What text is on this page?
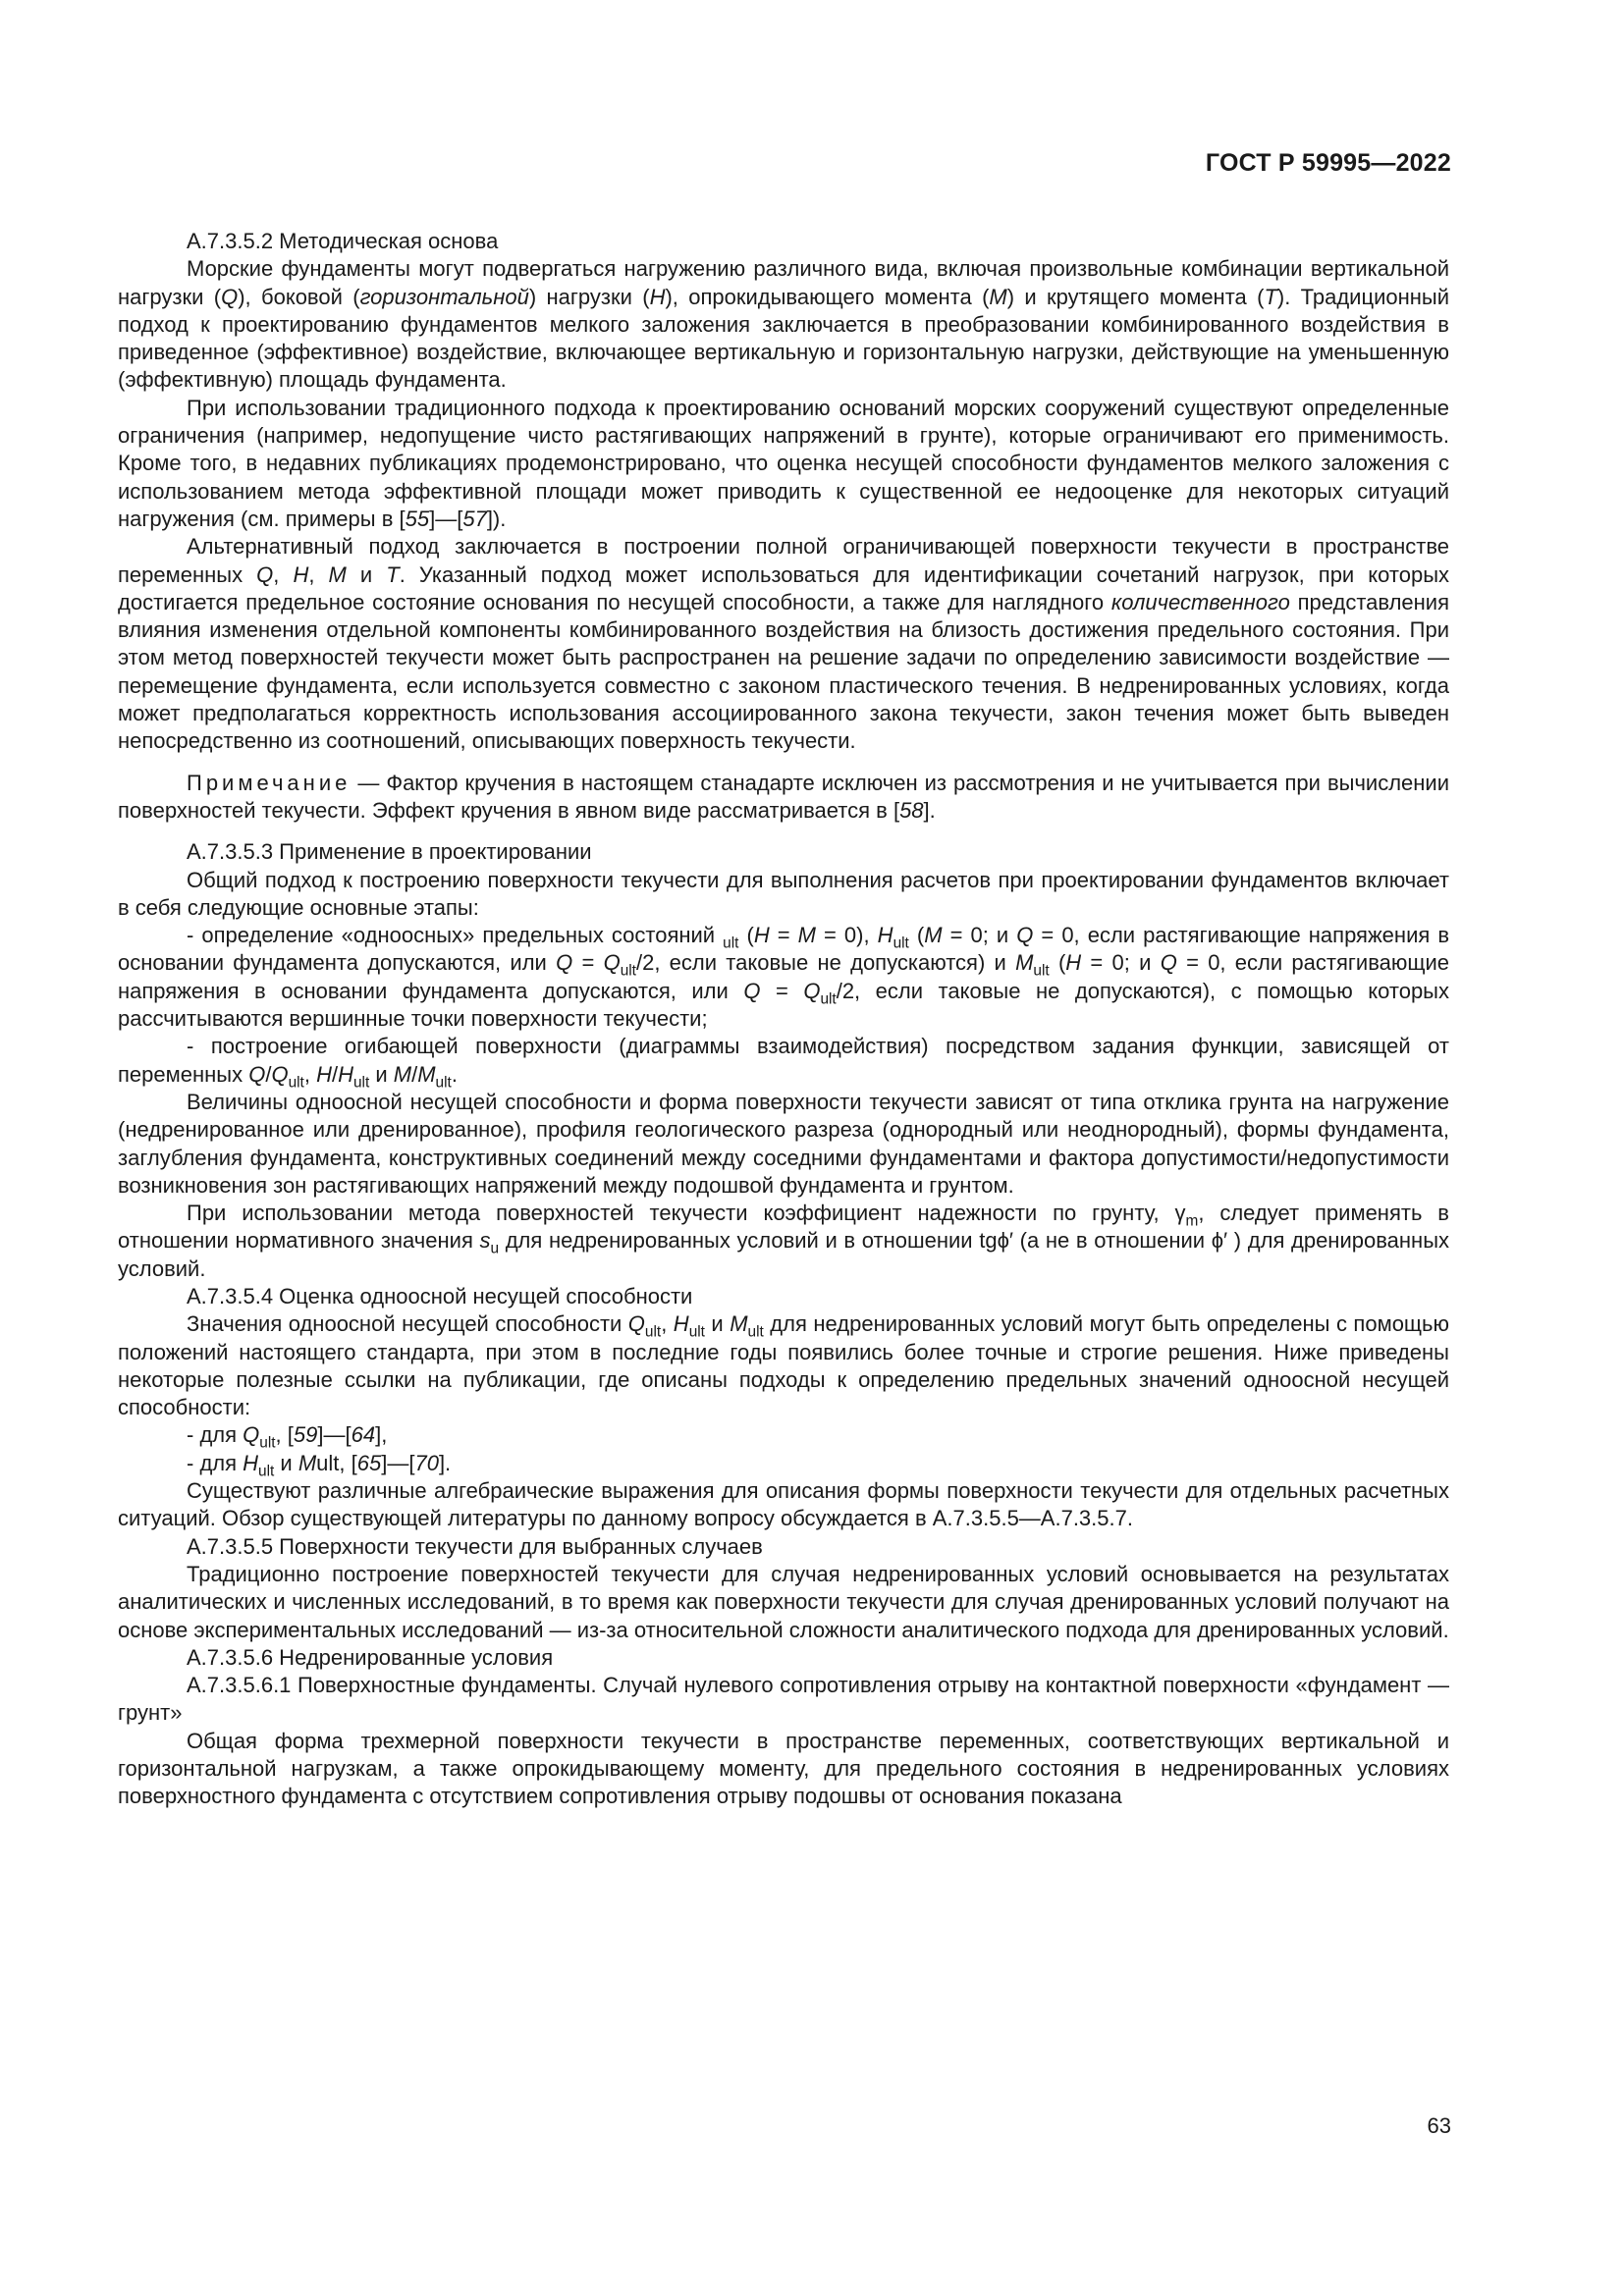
ГОСТ Р 59995—2022

А.7.3.5.2 Методическая основа

Морские фундаменты могут подвергаться нагружению различного вида, включая произвольные комбинации вертикальной нагрузки (Q), боковой (горизонтальной) нагрузки (H), опрокидывающего момента (M) и крутящего момента (T). Традиционный подход к проектированию фундаментов мелкого заложения заключается в преобразовании комбинированного воздействия в приведенное (эффективное) воздействие, включающее вертикальную и горизонтальную нагрузки, действующие на уменьшенную (эффективную) площадь фундамента.

При использовании традиционного подхода к проектированию оснований морских сооружений существуют определенные ограничения (например, недопущение чисто растягивающих напряжений в грунте), которые ограничивают его применимость. Кроме того, в недавних публикациях продемонстрировано, что оценка несущей способности фундаментов мелкого заложения с использованием метода эффективной площади может приводить к существенной ее недооценке для некоторых ситуаций нагружения (см. примеры в [55]—[57]).

Альтернативный подход заключается в построении полной ограничивающей поверхности текучести в пространстве переменных Q, H, M и T. Указанный подход может использоваться для идентификации сочетаний нагрузок, при которых достигается предельное состояние основания по несущей способности, а также для наглядного количественного представления влияния изменения отдельной компоненты комбинированного воздействия на близость достижения предельного состояния. При этом метод поверхностей текучести может быть распространен на решение задачи по определению зависимости воздействие — перемещение фундамента, если используется совместно с законом пластического течения. В недренированных условиях, когда может предполагаться корректность использования ассоциированного закона текучести, закон течения может быть выведен непосредственно из соотношений, описывающих поверхность текучести.

Примечание — Фактор кручения в настоящем станадарте исключен из рассмотрения и не учитывается при вычислении поверхностей текучести. Эффект кручения в явном виде рассматривается в [58].

А.7.3.5.3 Применение в проектировании

Общий подход к построению поверхности текучести для выполнения расчетов при проектировании фундаментов включает в себя следующие основные этапы:

- определение «одноосных» предельных состояний $_{ult}$ (H = M = 0), $H_{ult}$ (M = 0; и Q = 0, если растягивающие напряжения в основании фундамента допускаются, или $Q = Q_{ult}/2$, если таковые не допускаются) и $M_{ult}$ (H = 0; и Q = 0, если растягивающие напряжения в основании фундамента допускаются, или $Q = Q_{ult}/2$, если таковые не допускаются), с помощью которых рассчитываются вершинные точки поверхности текучести;

- построение огибающей поверхности (диаграммы взаимодействия) посредством задания функции, зависящей от переменных $Q/Q_{ult}$, $H/H_{ult}$ и $M/M_{ult}$.

Величины одноосной несущей способности и форма поверхности текучести зависят от типа отклика грунта на нагружение (недренированное или дренированное), профиля геологического разреза (однородный или неоднородный), формы фундамента, заглубления фундамента, конструктивных соединений между соседними фундаментами и фактора допустимости/недопустимости возникновения зон растягивающих напряжений между подошвой фундамента и грунтом.

При использовании метода поверхностей текучести коэффициент надежности по грунту, $\gamma_m$, следует применять в отношении нормативного значения $s_u$ для недренированных условий и в отношении tgϕ′ (а не в отношении ϕ′ ) для дренированных условий.

А.7.3.5.4 Оценка одноосной несущей способности

Значения одноосной несущей способности $Q_{ult}$, $H_{ult}$ и $M_{ult}$ для недренированных условий могут быть определены с помощью положений настоящего стандарта, при этом в последние годы появились более точные и строгие решения. Ниже приведены некоторые полезные ссылки на публикации, где описаны подходы к определению предельных значений одноосной несущей способности:

- для $Q_{ult}$, [59]—[64],

- для $H_{ult}$ и Mult, [65]—[70].

Существуют различные алгебраические выражения для описания формы поверхности текучести для отдельных расчетных ситуаций. Обзор существующей литературы по данному вопросу обсуждается в А.7.3.5.5—А.7.3.5.7.

А.7.3.5.5 Поверхности текучести для выбранных случаев

Традиционно построение поверхностей текучести для случая недренированных условий основывается на результатах аналитических и численных исследований, в то время как поверхности текучести для случая дренированных условий получают на основе экспериментальных исследований — из-за относительной сложности аналитического подхода для дренированных условий.

А.7.3.5.6 Недренированные условия

А.7.3.5.6.1 Поверхностные фундаменты. Случай нулевого сопротивления отрыву на контактной поверхности «фундамент — грунт»

Общая форма трехмерной поверхности текучести в пространстве переменных, соответствующих вертикальной и горизонтальной нагрузкам, а также опрокидывающему моменту, для предельного состояния в недренированных условиях поверхностного фундамента с отсутствием сопротивления отрыву подошвы от основания показана

63
